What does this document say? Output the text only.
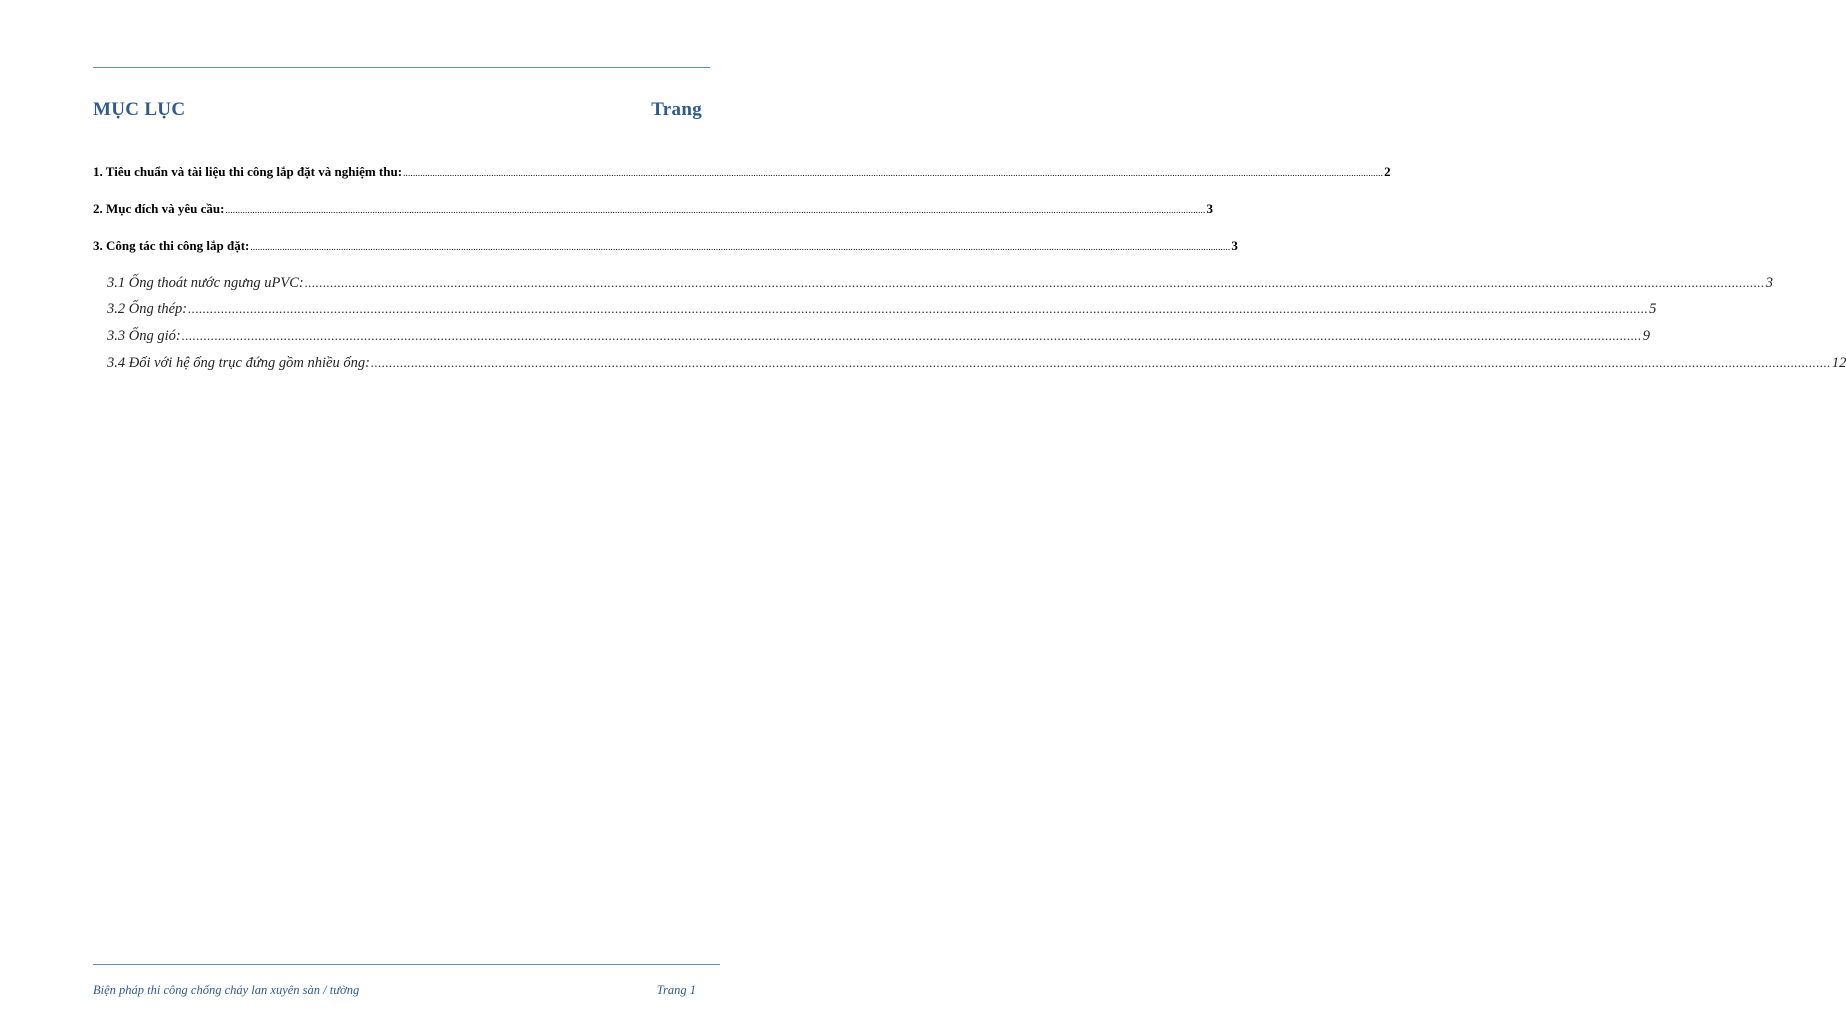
MỤC LỤC	Trang
1. Tiêu chuẩn và tài liệu thi công lắp đặt và nghiệm thu: ................................................................................................................................................................................................................................................................................................................................................................................................................ 2
2. Mục đích và yêu cầu: ................................................................................................................................................................................................................................................................................................................................................................................................................ 3
3. Công tác thi công lắp đặt: ................................................................................................................................................................................................................................................................................................................................................................................................................ 3
3.1 Ống thoát nước ngưng uPVC: ................................................................................................................................................................................................................................................................................................................................................................................................................ 3
3.2 Ống thép: ................................................................................................................................................................................................................................................................................................................................................................................................................ 5
3.3 Ống gió: ................................................................................................................................................................................................................................................................................................................................................................................................................ 9
3.4 Đối với hệ ống trục đứng gồm nhiều ống: ................................................................................................................................................................................................................................................................................................................................................................................................................ 12
Biện pháp thi công chống cháy lan xuyên sàn / tường	Trang 1
